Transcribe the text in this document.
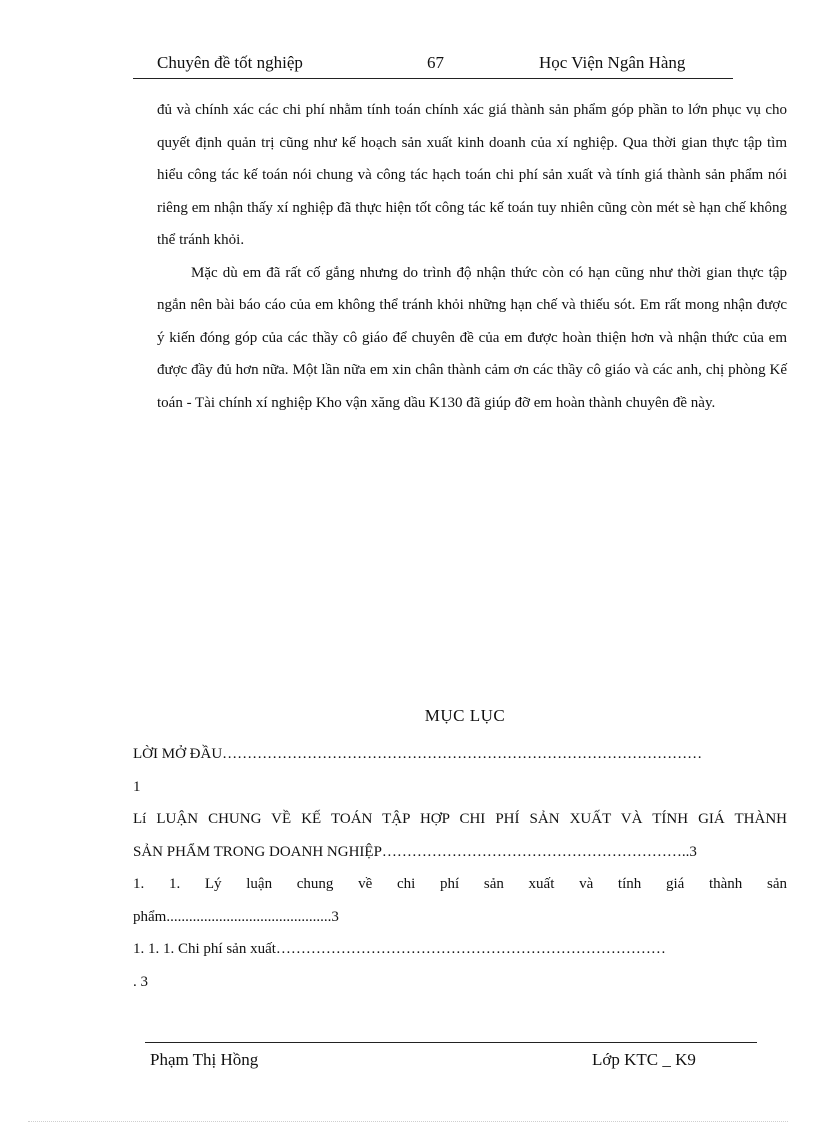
Chuyên đề tốt nghiệp	67	Học Viện Ngân Hàng

đủ và chính xác các chi phí nhằm tính toán chính xác giá thành sản phẩm góp phần to lớn phục vụ cho quyết định quản trị cũng như kế hoạch sản xuất kinh doanh của xí nghiệp. Qua thời gian thực tập tìm hiểu công tác kế toán nói chung và công tác hạch toán chi phí sản xuất và tính giá thành sản phẩm nói riêng em nhận thấy xí nghiệp đã thực hiện tốt công tác kế toán tuy nhiên cũng còn mét sè hạn chế không thể tránh khỏi.

Mặc dù em đã rất cố gắng nhưng do trình độ nhận thức còn có hạn cũng như thời gian thực tập ngắn nên bài báo cáo của em không thể tránh khỏi những hạn chế và thiếu sót. Em rất mong nhận được ý kiến đóng góp của các thầy cô giáo để chuyên đề của em được hoàn thiện hơn và nhận thức của em được đầy đủ hơn nữa. Một lần nữa em xin chân thành cảm ơn các thầy cô giáo và các anh, chị phòng Kế toán - Tài chính xí nghiệp Kho vận xăng dầu K130 đã giúp đỡ em hoàn thành chuyên đề này.

MỤC LỤC
LỜI MỞ ĐẦU……………………………………………………………………………………
1
Lí LUẬN CHUNG VỀ KẾ TOÁN TẬP HỢP CHI PHÍ SẢN XUẤT VÀ TÍNH GIÁ THÀNH
SẢN PHẨM TRONG DOANH NGHIỆP……………………………………………………..3
1. 1. Lý luận chung về chi phí sản xuất và tính giá thành sản
phẩm............................................3
1. 1. 1. Chi phí sản xuất……………………………………………………………………
. 3
Phạm Thị Hồng	Lớp KTC _ K9
